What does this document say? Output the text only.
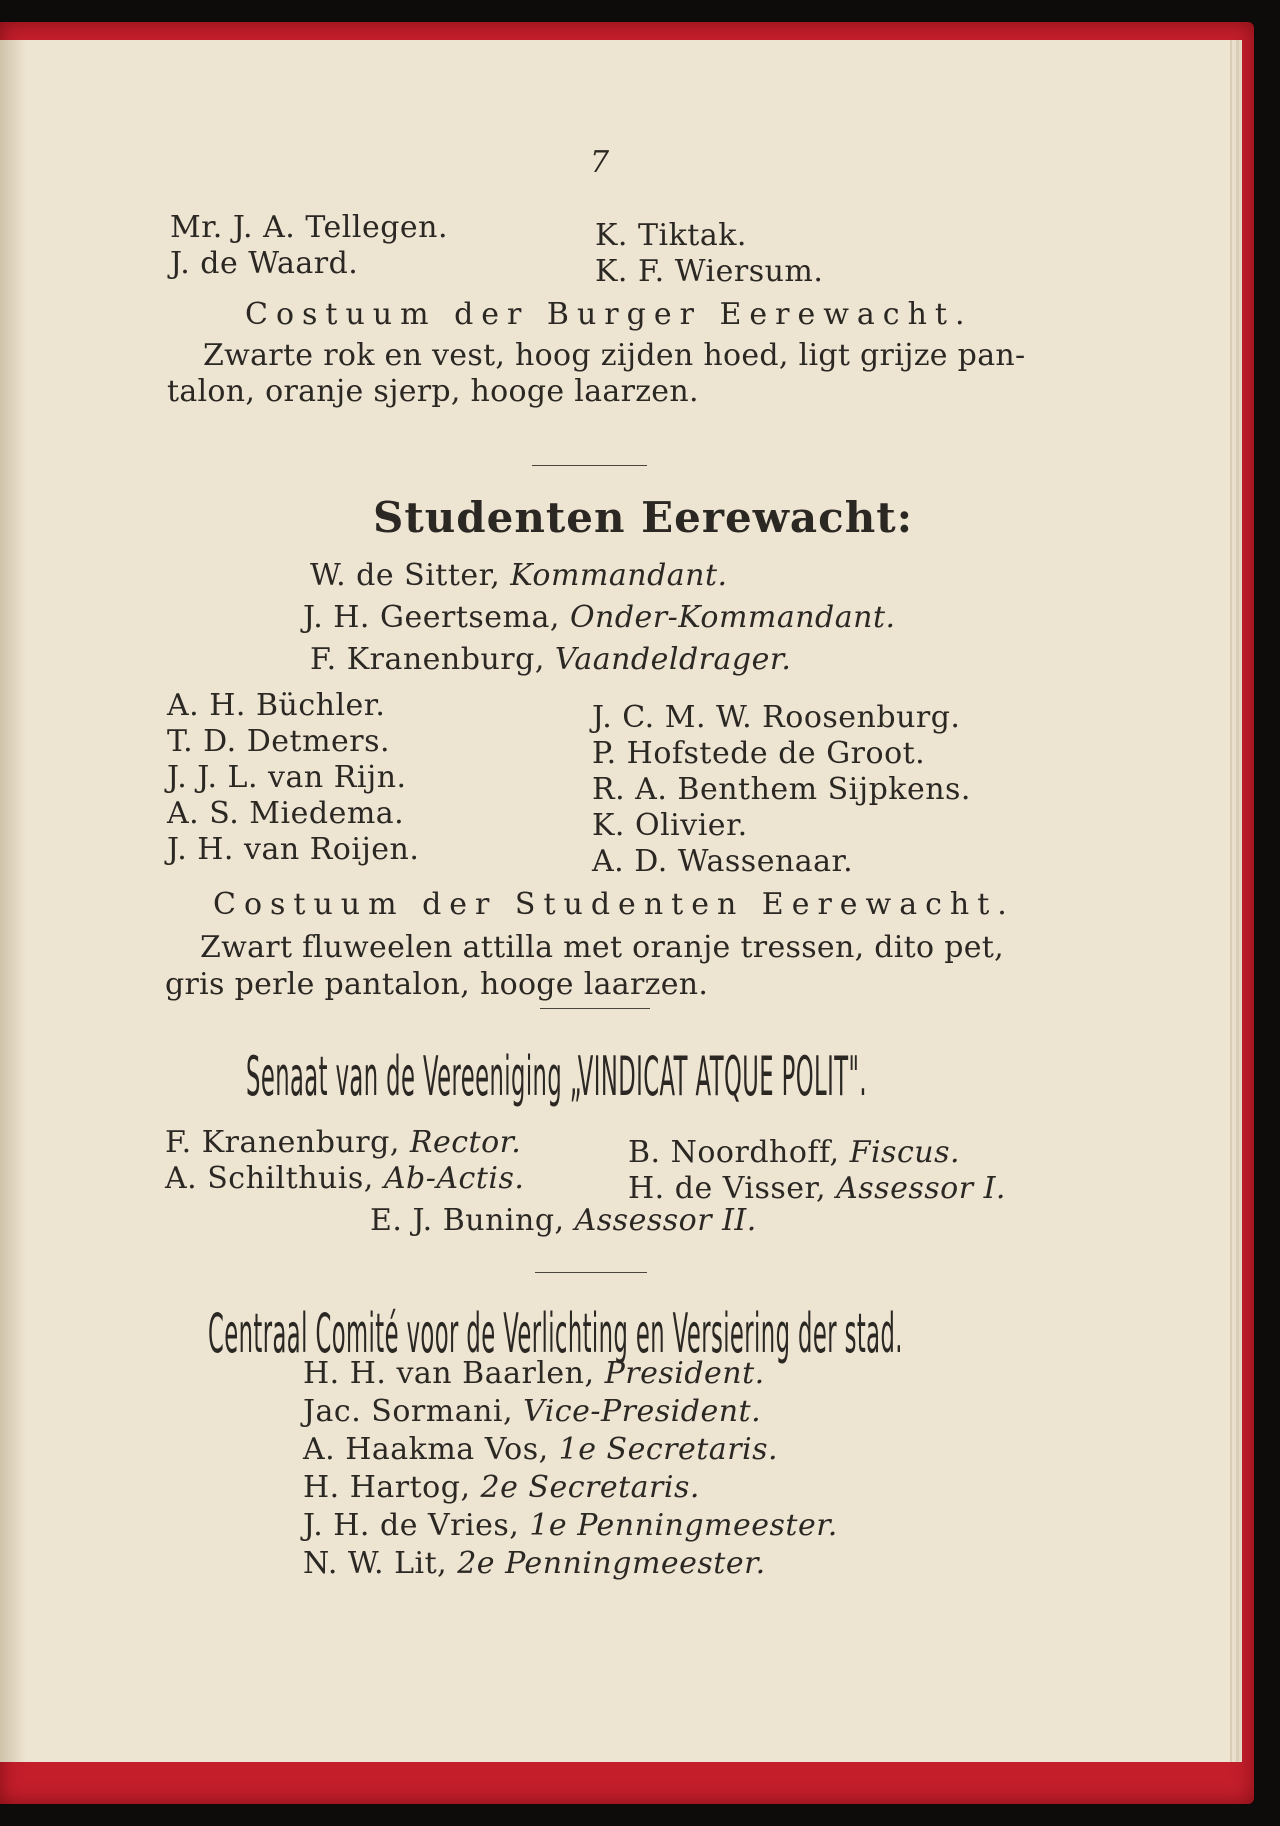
7
Mr. J. A. Tellegen.
J. de Waard.
K. Tiktak.
K. F. Wiersum.
Costuum der Burger Eerewacht.
Zwarte rok en vest, hoog zijden hoed, ligt grijze pan-
talon, oranje sjerp, hooge laarzen.
Studenten Eerewacht:
W. de Sitter, Kommandant.
J. H. Geertsema, Onder-Kommandant.
F. Kranenburg, Vaandeldrager.
A. H. Büchler.
T. D. Detmers.
J. J. L. van Rijn.
A. S. Miedema.
J. H. van Roijen.
J. C. M. W. Roosenburg.
P. Hofstede de Groot.
R. A. Benthem Sijpkens.
K. Olivier.
A. D. Wassenaar.
Costuum der Studenten Eerewacht.
Zwart fluweelen attilla met oranje tressen, dito pet,
gris perle pantalon, hooge laarzen.
Senaat van de Vereeniging „VINDICAT ATQUE POLIT".
F. Kranenburg, Rector.
A. Schilthuis, Ab-Actis.
B. Noordhoff, Fiscus.
H. de Visser, Assessor I.
E. J. Buning, Assessor II.
Centraal Comité voor de Verlichting en Versiering der stad.
H. H. van Baarlen, President.
Jac. Sormani, Vice-President.
A. Haakma Vos, 1e Secretaris.
H. Hartog, 2e Secretaris.
J. H. de Vries, 1e Penningmeester.
N. W. Lit, 2e Penningmeester.
